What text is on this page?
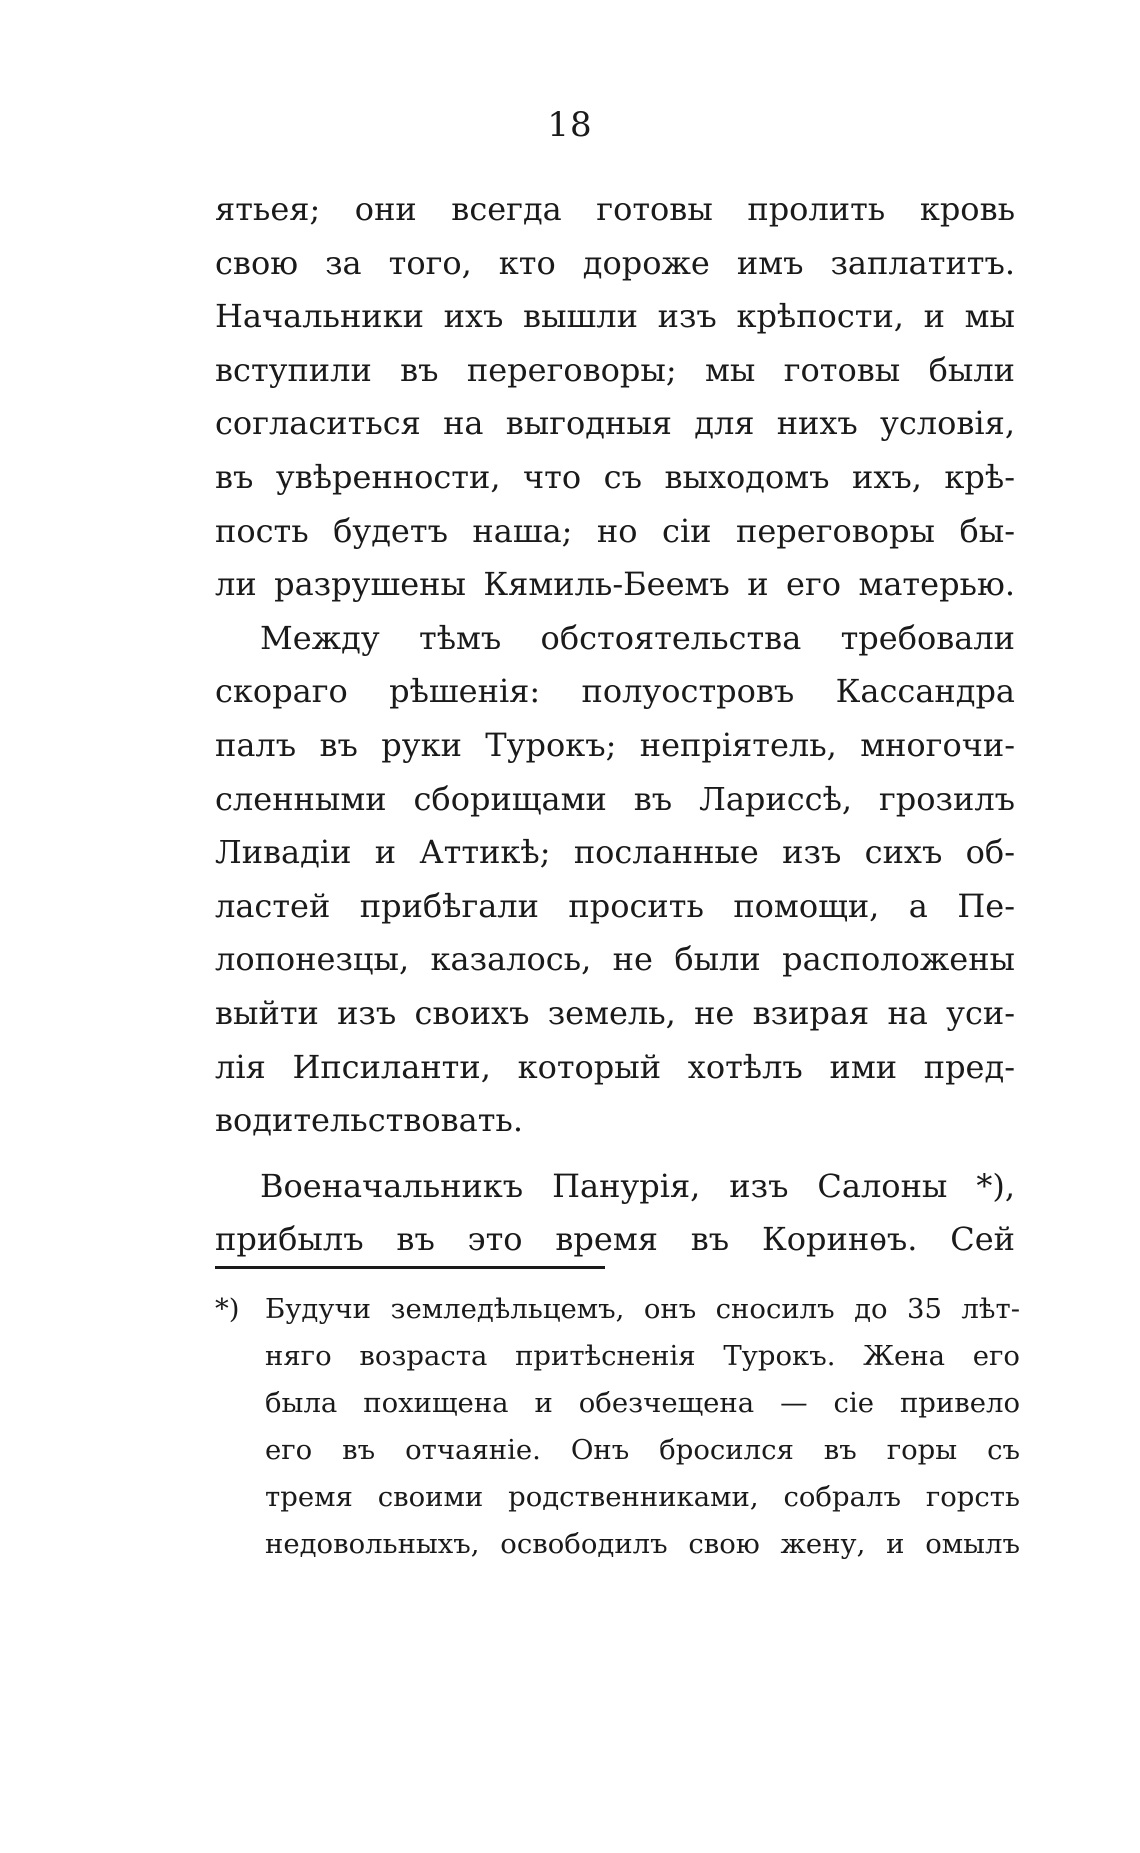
18
ятьея; они всегда готовы пролить кровь
свою за того, кто дороже имъ заплатитъ.
Начальники ихъ вышли изъ крѣпости, и мы
вступили въ переговоры; мы готовы были
согласиться на выгодныя для нихъ условія,
въ увѣренности, что съ выходомъ ихъ, крѣ-
пость будетъ наша; но сіи переговоры бы-
ли разрушены Кямиль-Беемъ и его матерью.
Между тѣмъ обстоятельства требовали
скораго рѣшенія: полуостровъ Кассандра
палъ въ руки Турокъ; непріятель, многочи-
сленными сборищами въ Ларисcѣ, грозилъ
Ливадіи и Аттикѣ; посланные изъ сихъ об-
ластей прибѣгали просить помощи, а Пе-
лопонезцы, казалось, не были расположены
выйти изъ своихъ земель, не взирая на уси-
лія Ипсиланти, который хотѣлъ ими пред-
водительствовать.
Военачальникъ Панурія, изъ Салоны *),
прибылъ въ это время въ Коринѳъ. Сей
*) Будучи земледѣльцемъ, онъ сносилъ до 35 лѣт-
няго возраста притѣсненія Турокъ. Жена его
была похищена и обезчещена — сіе привело
его въ отчаяніе. Онъ бросился въ горы съ
тремя своими родственниками, собралъ горсть
недовольныхъ, освободилъ свою жену, и омылъ
